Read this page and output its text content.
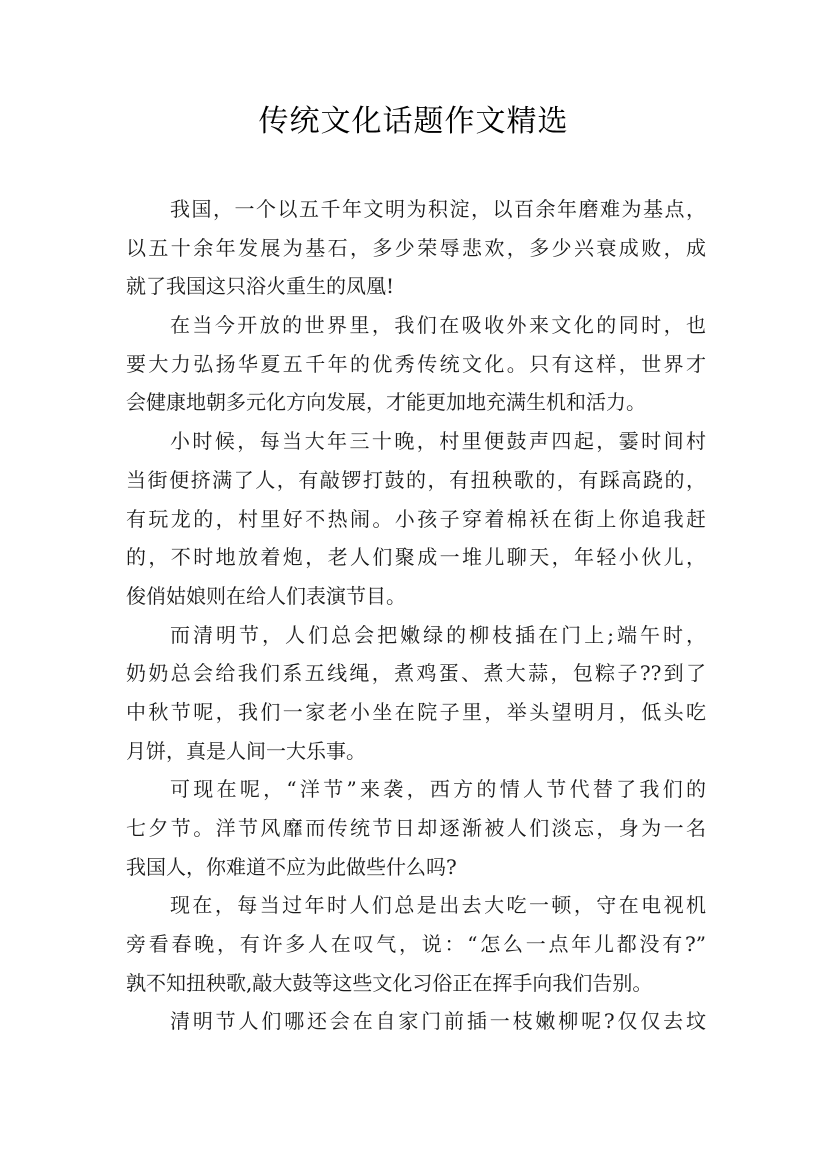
传统文化话题作文精选
我国，一个以五千年文明为积淀，以百余年磨难为基点，
以五十余年发展为基石，多少荣辱悲欢，多少兴衰成败，成
就了我国这只浴火重生的凤凰!
在当今开放的世界里，我们在吸收外来文化的同时，也
要大力弘扬华夏五千年的优秀传统文化。只有这样，世界才
会健康地朝多元化方向发展，才能更加地充满生机和活力。
小时候，每当大年三十晚，村里便鼓声四起，霎时间村
当街便挤满了人，有敲锣打鼓的，有扭秧歌的，有踩高跷的，
有玩龙的，村里好不热闹。小孩子穿着棉袄在街上你追我赶
的，不时地放着炮，老人们聚成一堆儿聊天，年轻小伙儿，
俊俏姑娘则在给人们表演节目。
而清明节，人们总会把嫩绿的柳枝插在门上;端午时，
奶奶总会给我们系五线绳，煮鸡蛋、煮大蒜，包粽子??到了
中秋节呢，我们一家老小坐在院子里，举头望明月，低头吃
月饼，真是人间一大乐事。
可现在呢，“洋节”来袭，西方的情人节代替了我们的
七夕节。洋节风靡而传统节日却逐渐被人们淡忘，身为一名
我国人，你难道不应为此做些什么吗?
现在，每当过年时人们总是出去大吃一顿，守在电视机
旁看春晚，有许多人在叹气，说：“怎么一点年儿都没有?”
孰不知扭秧歌,敲大鼓等这些文化习俗正在挥手向我们告别。
清明节人们哪还会在自家门前插一枝嫩柳呢?仅仅去坟
